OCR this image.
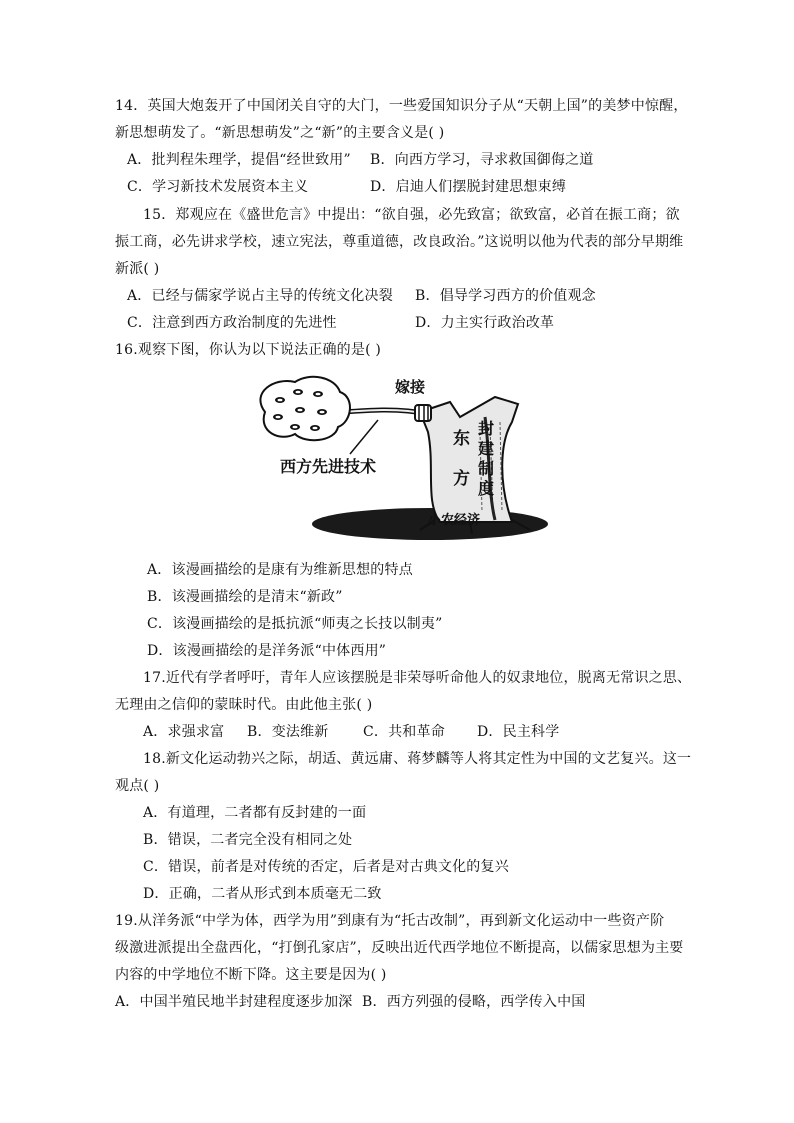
14．英国大炮轰开了中国闭关自守的大门，一些爱国知识分子从“天朝上国”的美梦中惊醒，
新思想萌发了。“新思想萌发”之“新”的主要含义是( )
A．批判程朱理学，提倡“经世致用” B．向西方学习，寻求救国御侮之道
C．学习新技术发展资本主义	D．启迪人们摆脱封建思想束缚
15．郑观应在《盛世危言》中提出：“欲自强，必先致富；欲致富，必首在振工商；欲
振工商，必先讲求学校，速立宪法，尊重道德，改良政治。”这说明以他为代表的部分早期维
新派( )
A．已经与儒家学说占主导的传统文化决裂 B．倡导学习西方的价值观念
C．注意到西方政治制度的先进性	D．力主实行政治改革
16.观察下图，你认为以下说法正确的是( )
嫁接
西方先进技术
东
方
封建制度
小农经济
A．该漫画描绘的是康有为维新思想的特点
B．该漫画描绘的是清末“新政”
C．该漫画描绘的是抵抗派“师夷之长技以制夷”
D．该漫画描绘的是洋务派“中体西用”
17.近代有学者呼吁，青年人应该摆脱是非荣辱听命他人的奴隶地位，脱离无常识之思、
无理由之信仰的蒙昧时代。由此他主张( )
A．求强求富 B．变法维新 C．共和革命 D．民主科学
18.新文化运动勃兴之际，胡适、黄远庸、蒋梦麟等人将其定性为中国的文艺复兴。这一
观点( )
A．有道理，二者都有反封建的一面
B．错误，二者完全没有相同之处
C．错误，前者是对传统的否定，后者是对古典文化的复兴
D．正确，二者从形式到本质毫无二致
19.从洋务派“中学为体，西学为用”到康有为“托古改制”，再到新文化运动中一些资产阶
级激进派提出全盘西化，“打倒孔家店”，反映出近代西学地位不断提高，以儒家思想为主要
内容的中学地位不断下降。这主要是因为( )
A．中国半殖民地半封建程度逐步加深 B．西方列强的侵略，西学传入中国
